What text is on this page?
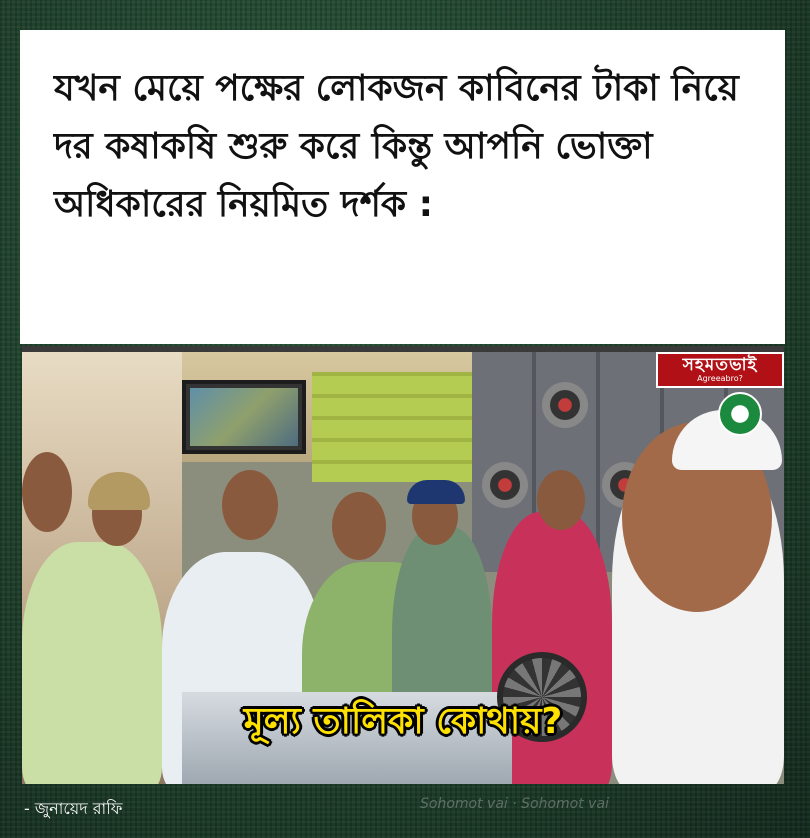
যখন মেয়ে পক্ষের লোকজন কাবিনের টাকা নিয়ে দর কষাকষি শুরু করে কিন্তু আপনি ভোক্তা অধিকারের নিয়মিত দর্শক :

সহমতভাই
Agreeabro?
মূল্য তালিকা কোথায়?
- জুনায়েদ রাফি	Sohomot vai · Sohomot vai
